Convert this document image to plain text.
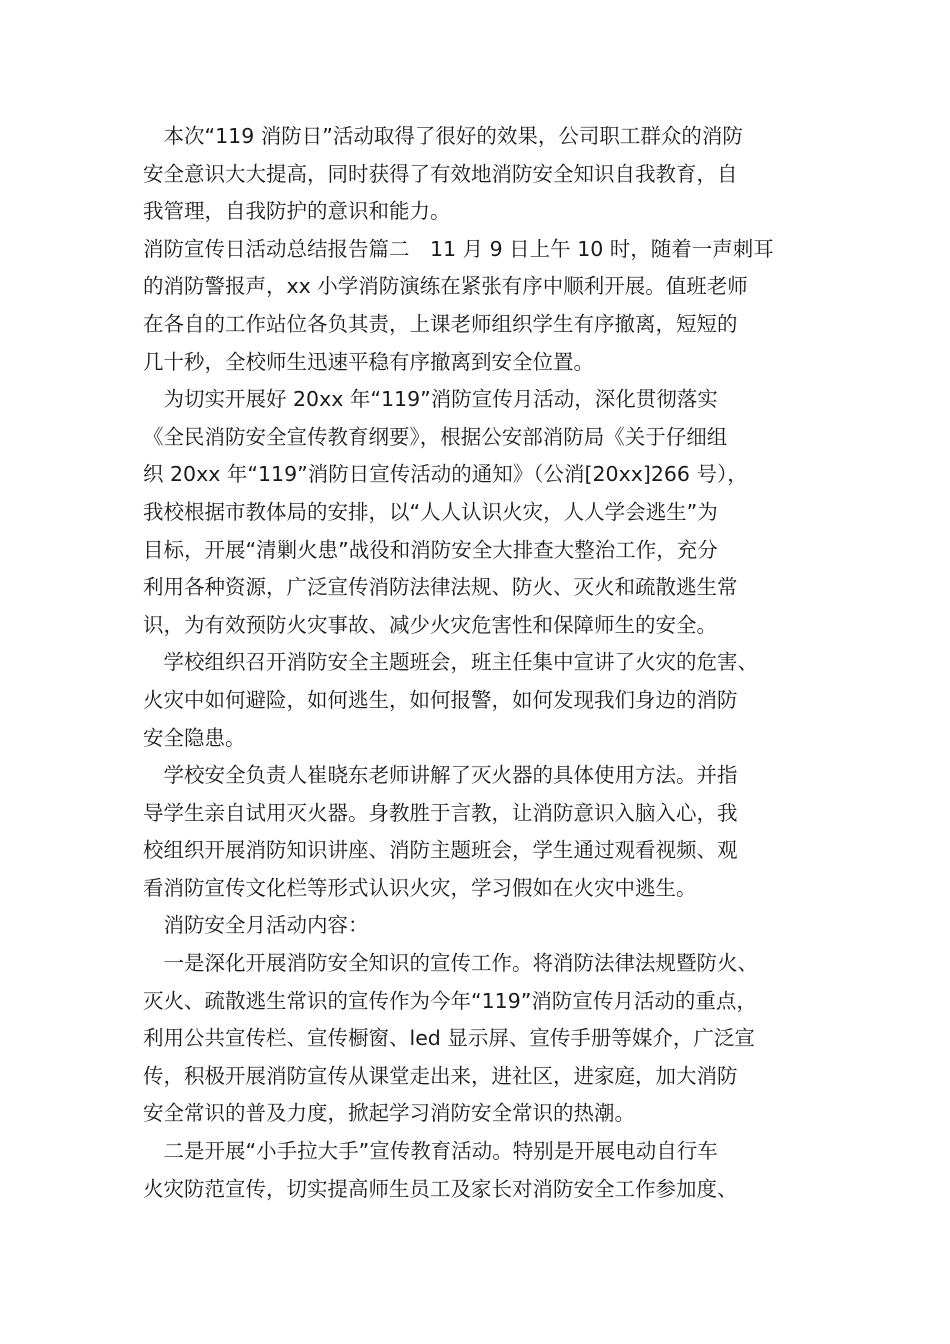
　本次“119 消防日”活动取得了很好的效果，公司职工群众的消防
安全意识大大提高，同时获得了有效地消防安全知识自我教育，自
我管理，自我防护的意识和能力。
消防宣传日活动总结报告篇二　11 月 9 日上午 10 时，随着一声刺耳
的消防警报声，xx 小学消防演练在紧张有序中顺利开展。值班老师
在各自的工作站位各负其责，上课老师组织学生有序撤离，短短的
几十秒，全校师生迅速平稳有序撤离到安全位置。
　为切实开展好 20xx 年“119”消防宣传月活动，深化贯彻落实
《全民消防安全宣传教育纲要》，根据公安部消防局《关于仔细组
织 20xx 年“119”消防日宣传活动的通知》（公消[20xx]266 号），
我校根据市教体局的安排，以“人人认识火灾，人人学会逃生”为
目标，开展“清剿火患”战役和消防安全大排查大整治工作，充分
利用各种资源，广泛宣传消防法律法规、防火、灭火和疏散逃生常
识，为有效预防火灾事故、减少火灾危害性和保障师生的安全。
　学校组织召开消防安全主题班会，班主任集中宣讲了火灾的危害、
火灾中如何避险，如何逃生，如何报警，如何发现我们身边的消防
安全隐患。
　学校安全负责人崔晓东老师讲解了灭火器的具体使用方法。并指
导学生亲自试用灭火器。身教胜于言教，让消防意识入脑入心，我
校组织开展消防知识讲座、消防主题班会，学生通过观看视频、观
看消防宣传文化栏等形式认识火灾，学习假如在火灾中逃生。
　消防安全月活动内容：
　一是深化开展消防安全知识的宣传工作。将消防法律法规暨防火、
灭火、疏散逃生常识的宣传作为今年“119”消防宣传月活动的重点，
利用公共宣传栏、宣传橱窗、led 显示屏、宣传手册等媒介，广泛宣
传，积极开展消防宣传从课堂走出来，进社区，进家庭，加大消防
安全常识的普及力度，掀起学习消防安全常识的热潮。
　二是开展“小手拉大手”宣传教育活动。特别是开展电动自行车
火灾防范宣传，切实提高师生员工及家长对消防安全工作参加度、
